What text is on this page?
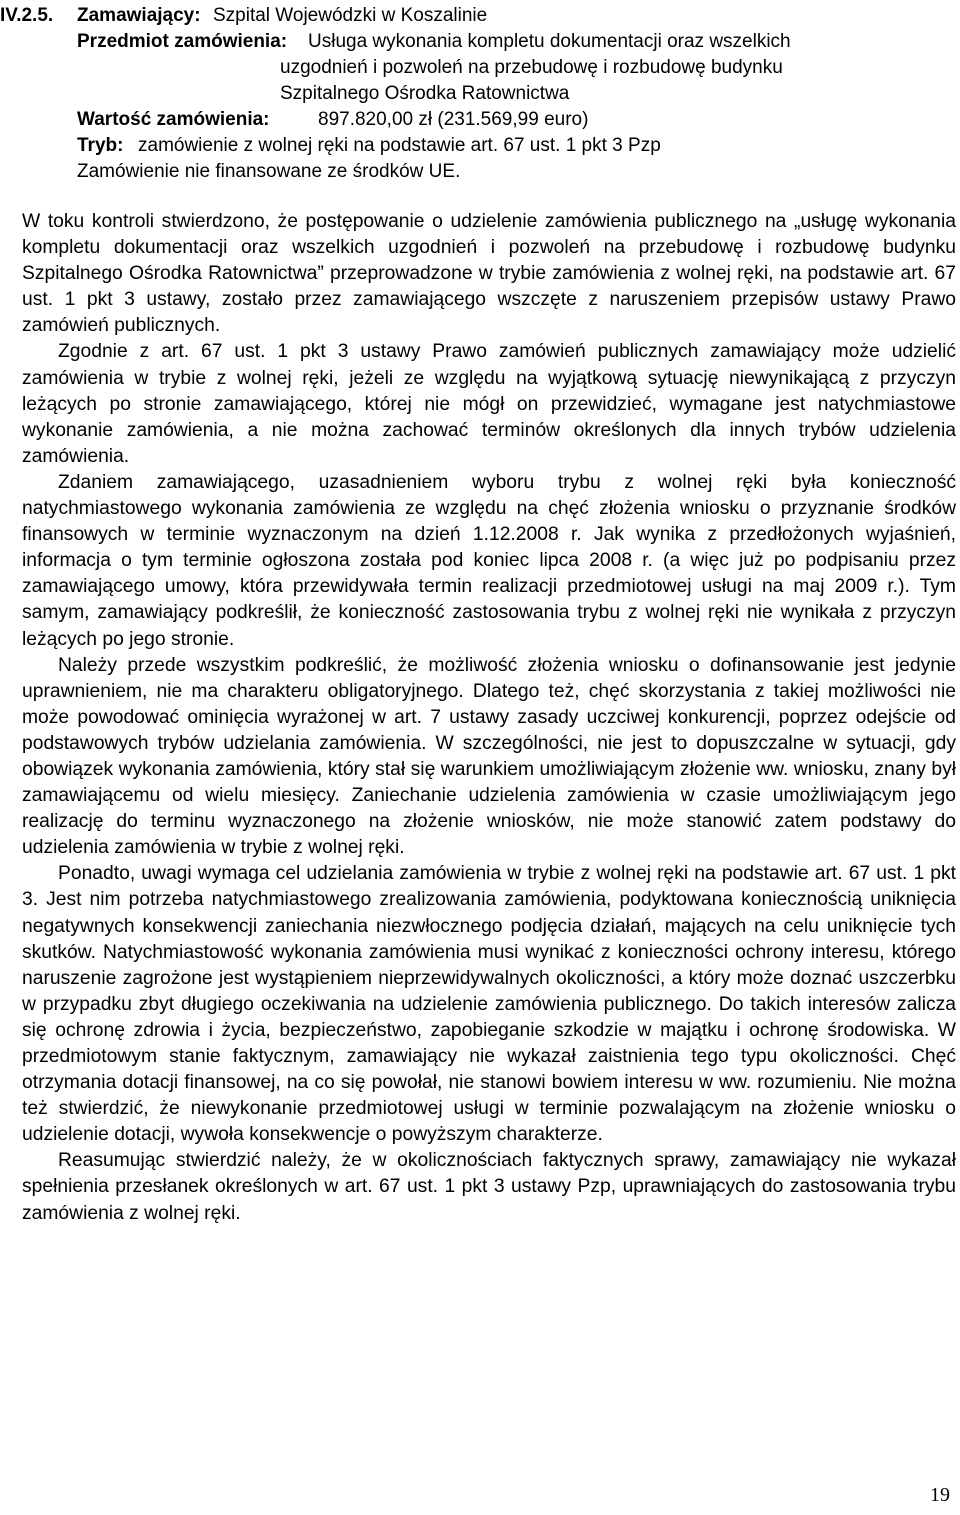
IV.2.5. Zamawiający: Szpital Wojewódzki w Koszalinie
Przedmiot zamówienia: Usługa wykonania kompletu dokumentacji oraz wszelkich
uzgodnień i pozwoleń na przebudowę i rozbudowę budynku
Szpitalnego Ośrodka Ratownictwa
Wartość zamówienia:	897.820,00 zł (231.569,99 euro)
Tryb: zamówienie z wolnej ręki na podstawie art. 67 ust. 1 pkt 3 Pzp
Zamówienie nie finansowane ze środków UE.

W toku kontroli stwierdzono, że postępowanie o udzielenie zamówienia publicznego na „usługę wykonania kompletu dokumentacji oraz wszelkich uzgodnień i pozwoleń na przebudowę i rozbudowę budynku Szpitalnego Ośrodka Ratownictwa” przeprowadzone w trybie zamówienia z wolnej ręki, na podstawie art. 67 ust. 1 pkt 3 ustawy, zostało przez zamawiającego wszczęte z naruszeniem przepisów ustawy Prawo zamówień publicznych.

Zgodnie z art. 67 ust. 1 pkt 3 ustawy Prawo zamówień publicznych zamawiający może udzielić zamówienia w trybie z wolnej ręki, jeżeli ze względu na wyjątkową sytuację niewynikającą z przyczyn leżących po stronie zamawiającego, której nie mógł on przewidzieć, wymagane jest natychmiastowe wykonanie zamówienia, a nie można zachować terminów określonych dla innych trybów udzielenia zamówienia.

Zdaniem zamawiającego, uzasadnieniem wyboru trybu z wolnej ręki była konieczność natychmiastowego wykonania zamówienia ze względu na chęć złożenia wniosku o przyznanie środków finansowych w terminie wyznaczonym na dzień 1.12.2008 r. Jak wynika z przedłożonych wyjaśnień, informacja o tym terminie ogłoszona została pod koniec lipca 2008 r. (a więc już po podpisaniu przez zamawiającego umowy, która przewidywała termin realizacji przedmiotowej usługi na maj 2009 r.). Tym samym, zamawiający podkreślił, że konieczność zastosowania trybu z wolnej ręki nie wynikała z przyczyn leżących po jego stronie.

Należy przede wszystkim podkreślić, że możliwość złożenia wniosku o dofinansowanie jest jedynie uprawnieniem, nie ma charakteru obligatoryjnego. Dlatego też, chęć skorzystania z takiej możliwości nie może powodować ominięcia wyrażonej w art. 7 ustawy zasady uczciwej konkurencji, poprzez odejście od podstawowych trybów udzielania zamówienia. W szczególności, nie jest to dopuszczalne w sytuacji, gdy obowiązek wykonania zamówienia, który stał się warunkiem umożliwiającym złożenie ww. wniosku, znany był zamawiającemu od wielu miesięcy. Zaniechanie udzielenia zamówienia w czasie umożliwiającym jego realizację do terminu wyznaczonego na złożenie wniosków, nie może stanowić zatem podstawy do udzielenia zamówienia w trybie z wolnej ręki.

Ponadto, uwagi wymaga cel udzielania zamówienia w trybie z wolnej ręki na podstawie art. 67 ust. 1 pkt 3. Jest nim potrzeba natychmiastowego zrealizowania zamówienia, podyktowana koniecznością uniknięcia negatywnych konsekwencji zaniechania niezwłocznego podjęcia działań, mających na celu uniknięcie tych skutków. Natychmiastowość wykonania zamówienia musi wynikać z konieczności ochrony interesu, którego naruszenie zagrożone jest wystąpieniem nieprzewidywalnych okoliczności, a który może doznać uszczerbku w przypadku zbyt długiego oczekiwania na udzielenie zamówienia publicznego. Do takich interesów zalicza się ochronę zdrowia i życia, bezpieczeństwo, zapobieganie szkodzie w majątku i ochronę środowiska. W przedmiotowym stanie faktycznym, zamawiający nie wykazał zaistnienia tego typu okoliczności. Chęć otrzymania dotacji finansowej, na co się powołał, nie stanowi bowiem interesu w ww. rozumieniu. Nie można też stwierdzić, że niewykonanie przedmiotowej usługi w terminie pozwalającym na złożenie wniosku o udzielenie dotacji, wywoła konsekwencje o powyższym charakterze.

Reasumując stwierdzić należy, że w okolicznościach faktycznych sprawy, zamawiający nie wykazał spełnienia przesłanek określonych w art. 67 ust. 1 pkt 3 ustawy Pzp, uprawniających do zastosowania trybu zamówienia z wolnej ręki.

19
